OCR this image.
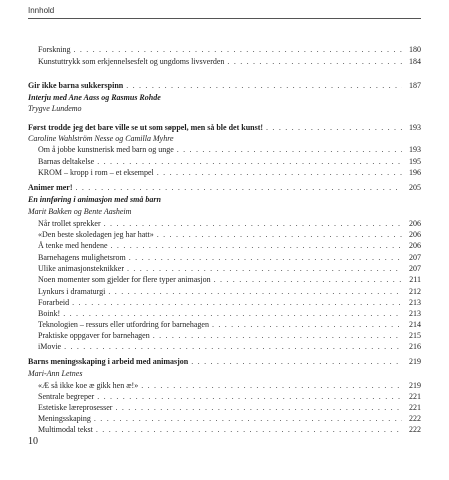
Innhold
Forskning . . .	180
Kunstuttrykk som erkjennelsesfelt og ungdoms livsverden . . .	184
Gir ikke barna sukkerspinn . . .	187
Interju med Ane Aass og Rasmus Rohde
Trygve Lundemo
Først trodde jeg det bare ville se ut som søppel, men så ble det kunst! . . .	193
Caroline Wahlström Nesse og Camilla Myhre
Om å jobbe kunstnerisk med barn og unge . . .	193
Barnas deltakelse . . .	195
KROM – kropp i rom – et eksempel . . .	196
Animer mer! . . .	205
En innføring i animasjon med små barn
Marit Bakken og Bente Aasheim
Når trollet sprekker . . .	206
«Den beste skoledagen jeg har hatt» . . .	206
Å tenke med hendene . . .	206
Barnehagens mulighetsrom . . .	207
Ulike animasjonsteknikker . . .	207
Noen momenter som gjelder for flere typer animasjon . . .	211
Lynkurs i dramaturgi . . .	212
Forarbeid . . .	213
Boink! . . .	213
Teknologien – ressurs eller utfordring for barnehagen . . .	214
Praktiske oppgaver for barnehagen . . .	215
iMovie . . .	216
Barns meningsskaping i arbeid med animasjon . . .	219
Mari-Ann Letnes
«Æ så ikke koe æ gikk hen æ!» . . .	219
Sentrale begreper . . .	221
Estetiske læreprosesser . . .	221
Meningsskaping . . .	222
Multimodal tekst . . .	222
10
